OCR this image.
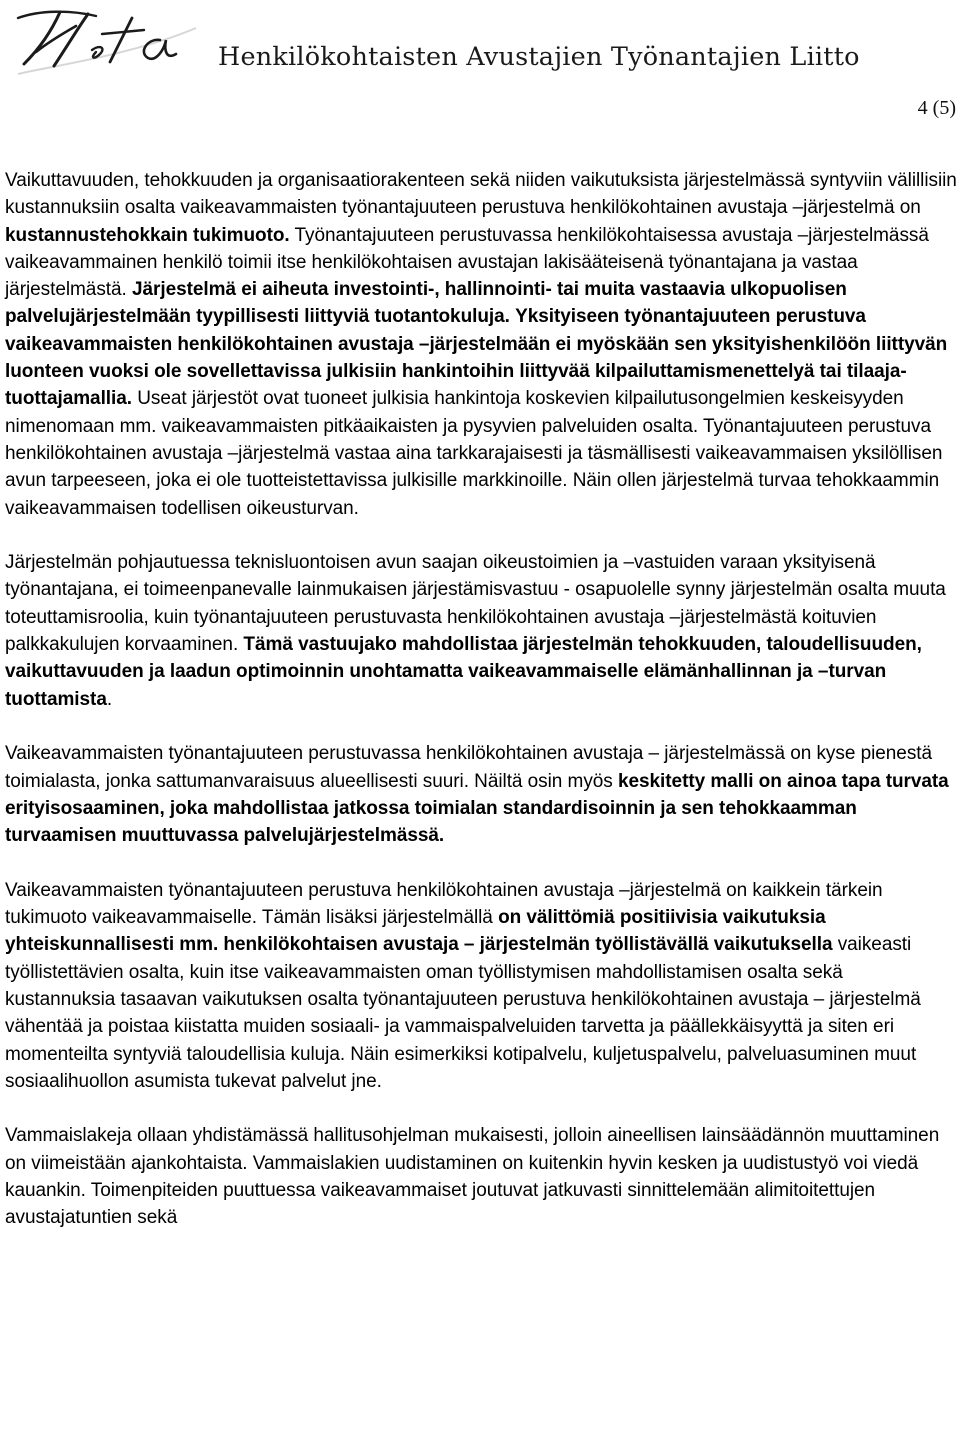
Henkilökohtaisten Avustajien Työnantajien Liitto
4 (5)

Vaikuttavuuden, tehokkuuden ja organisaatiorakenteen sekä niiden vaikutuksista järjestelmässä syntyviin välillisiin kustannuksiin osalta vaikeavammaisten työnantajuuteen perustuva henkilökohtainen avustaja –järjestelmä on kustannustehokkain tukimuoto. Työnantajuuteen perustuvassa henkilökohtaisessa avustaja –järjestelmässä vaikeavammainen henkilö toimii itse henkilökohtaisen avustajan lakisääteisenä työnantajana ja vastaa järjestelmästä. Järjestelmä ei aiheuta investointi-, hallinnointi- tai muita vastaavia ulkopuolisen palvelujärjestelmään tyypillisesti liittyviä tuotantokuluja. Yksityiseen työnantajuuteen perustuva vaikeavammaisten henkilökohtainen avustaja –järjestelmään ei myöskään sen yksityishenkilöön liittyvän luonteen vuoksi ole sovellettavissa julkisiin hankintoihin liittyvää kilpailuttamismenettelyä tai tilaaja-tuottajamallia. Useat järjestöt ovat tuoneet julkisia hankintoja koskevien kilpailutusongelmien keskeisyyden nimenomaan mm. vaikeavammaisten pitkäaikaisten ja pysyvien palveluiden osalta. Työnantajuuteen perustuva henkilökohtainen avustaja –järjestelmä vastaa aina tarkkarajaisesti ja täsmällisesti vaikeavammaisen yksilöllisen avun tarpeeseen, joka ei ole tuotteistettavissa julkisille markkinoille. Näin ollen järjestelmä turvaa tehokkaammin vaikeavammaisen todellisen oikeusturvan.

Järjestelmän pohjautuessa teknisluontoisen avun saajan oikeustoimien ja –vastuiden varaan yksityisenä työnantajana, ei toimeenpanevalle lainmukaisen järjestämisvastuu - osapuolelle synny järjestelmän osalta muuta toteuttamisroolia, kuin työnantajuuteen perustuvasta henkilökohtainen avustaja –järjestelmästä koituvien palkkakulujen korvaaminen. Tämä vastuujako mahdollistaa järjestelmän tehokkuuden, taloudellisuuden, vaikuttavuuden ja laadun optimoinnin unohtamatta vaikeavammaiselle elämänhallinnan ja –turvan tuottamista.

Vaikeavammaisten työnantajuuteen perustuvassa henkilökohtainen avustaja – järjestelmässä on kyse pienestä toimialasta, jonka sattumanvaraisuus alueellisesti suuri. Näiltä osin myös keskitetty malli on ainoa tapa turvata erityisosaaminen, joka mahdollistaa jatkossa toimialan standardisoinnin ja sen tehokkaamman turvaamisen muuttuvassa palvelujärjestelmässä.

Vaikeavammaisten työnantajuuteen perustuva henkilökohtainen avustaja –järjestelmä on kaikkein tärkein tukimuoto vaikeavammaiselle. Tämän lisäksi järjestelmällä on välittömiä positiivisia vaikutuksia yhteiskunnallisesti mm. henkilökohtaisen avustaja – järjestelmän työllistävällä vaikutuksella vaikeasti työllistettävien osalta, kuin itse vaikeavammaisten oman työllistymisen mahdollistamisen osalta sekä kustannuksia tasaavan vaikutuksen osalta työnantajuuteen perustuva henkilökohtainen avustaja – järjestelmä vähentää ja poistaa kiistatta muiden sosiaali- ja vammaispalveluiden tarvetta ja päällekkäisyyttä ja siten eri momenteilta syntyviä taloudellisia kuluja. Näin esimerkiksi kotipalvelu, kuljetuspalvelu, palveluasuminen muut sosiaalihuollon asumista tukevat palvelut jne.

Vammaislakeja ollaan yhdistämässä hallitusohjelman mukaisesti, jolloin aineellisen lainsäädännön muuttaminen on viimeistään ajankohtaista. Vammaislakien uudistaminen on kuitenkin hyvin kesken ja uudistustyö voi viedä kauankin. Toimenpiteiden puuttuessa vaikeavammaiset joutuvat jatkuvasti sinnittelemään alimitoitettujen avustajatuntien sekä
